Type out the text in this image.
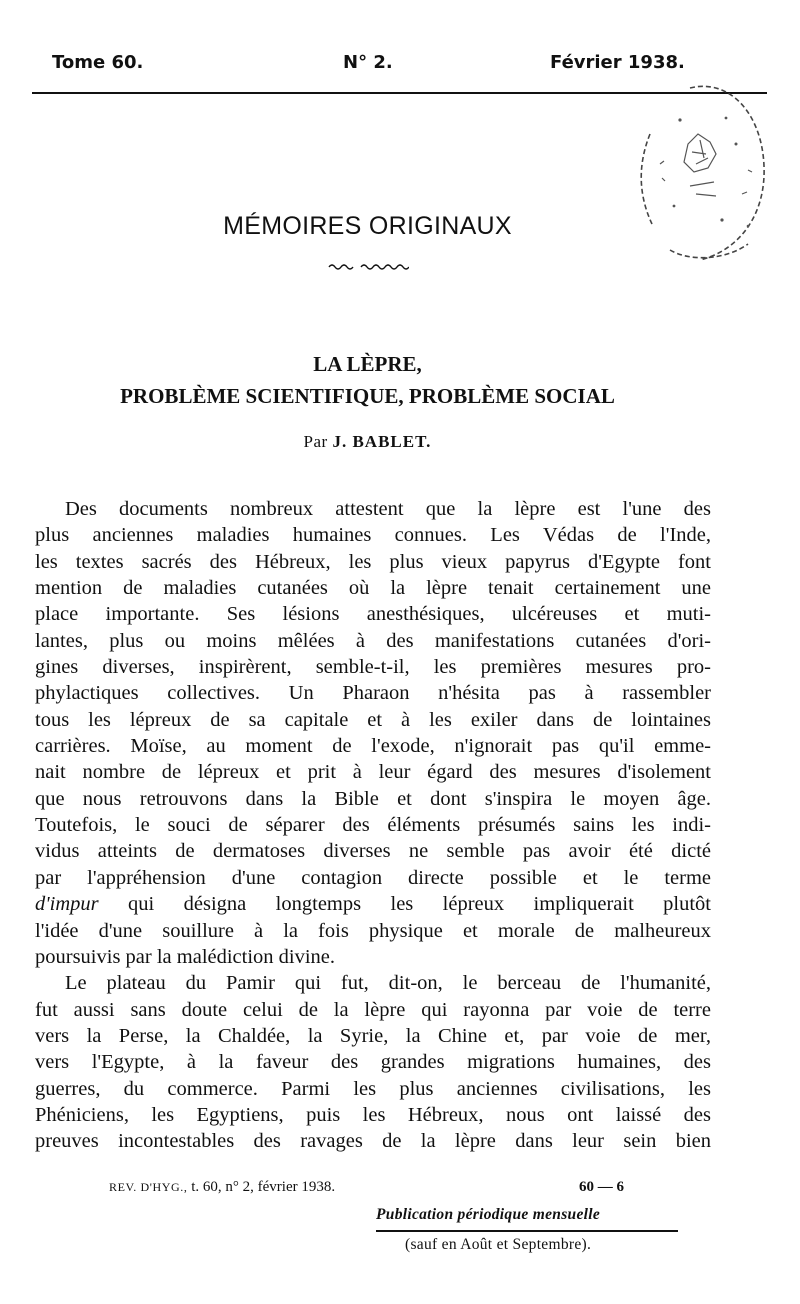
Tome 60.	N° 2.	Février 1938.
MÉMOIRES ORIGINAUX
LA LÈPRE,
PROBLÈME SCIENTIFIQUE, PROBLÈME SOCIAL
Par J. BABLET.
Des documents nombreux attestent que la lèpre est l'une des
plus anciennes maladies humaines connues. Les Védas de l'Inde,
les textes sacrés des Hébreux, les plus vieux papyrus d'Egypte font
mention de maladies cutanées où la lèpre tenait certainement une
place importante. Ses lésions anesthésiques, ulcéreuses et muti-
lantes, plus ou moins mêlées à des manifestations cutanées d'ori-
gines diverses, inspirèrent, semble-t-il, les premières mesures pro-
phylactiques collectives. Un Pharaon n'hésita pas à rassembler
tous les lépreux de sa capitale et à les exiler dans de lointaines
carrières. Moïse, au moment de l'exode, n'ignorait pas qu'il emme-
nait nombre de lépreux et prit à leur égard des mesures d'isolement
que nous retrouvons dans la Bible et dont s'inspira le moyen âge.
Toutefois, le souci de séparer des éléments présumés sains les indi-
vidus atteints de dermatoses diverses ne semble pas avoir été dicté
par l'appréhension d'une contagion directe possible et le terme
d'impur qui désigna longtemps les lépreux impliquerait plutôt
l'idée d'une souillure à la fois physique et morale de malheureux
poursuivis par la malédiction divine.
Le plateau du Pamir qui fut, dit-on, le berceau de l'humanité,
fut aussi sans doute celui de la lèpre qui rayonna par voie de terre
vers la Perse, la Chaldée, la Syrie, la Chine et, par voie de mer,
vers l'Egypte, à la faveur des grandes migrations humaines, des
guerres, du commerce. Parmi les plus anciennes civilisations, les
Phéniciens, les Egyptiens, puis les Hébreux, nous ont laissé des
preuves incontestables des ravages de la lèpre dans leur sein bien
REV. D'HYG., t. 60, n° 2, février 1938.	60 — 6
Publication périodique mensuelle
(sauf en Août et Septembre).
